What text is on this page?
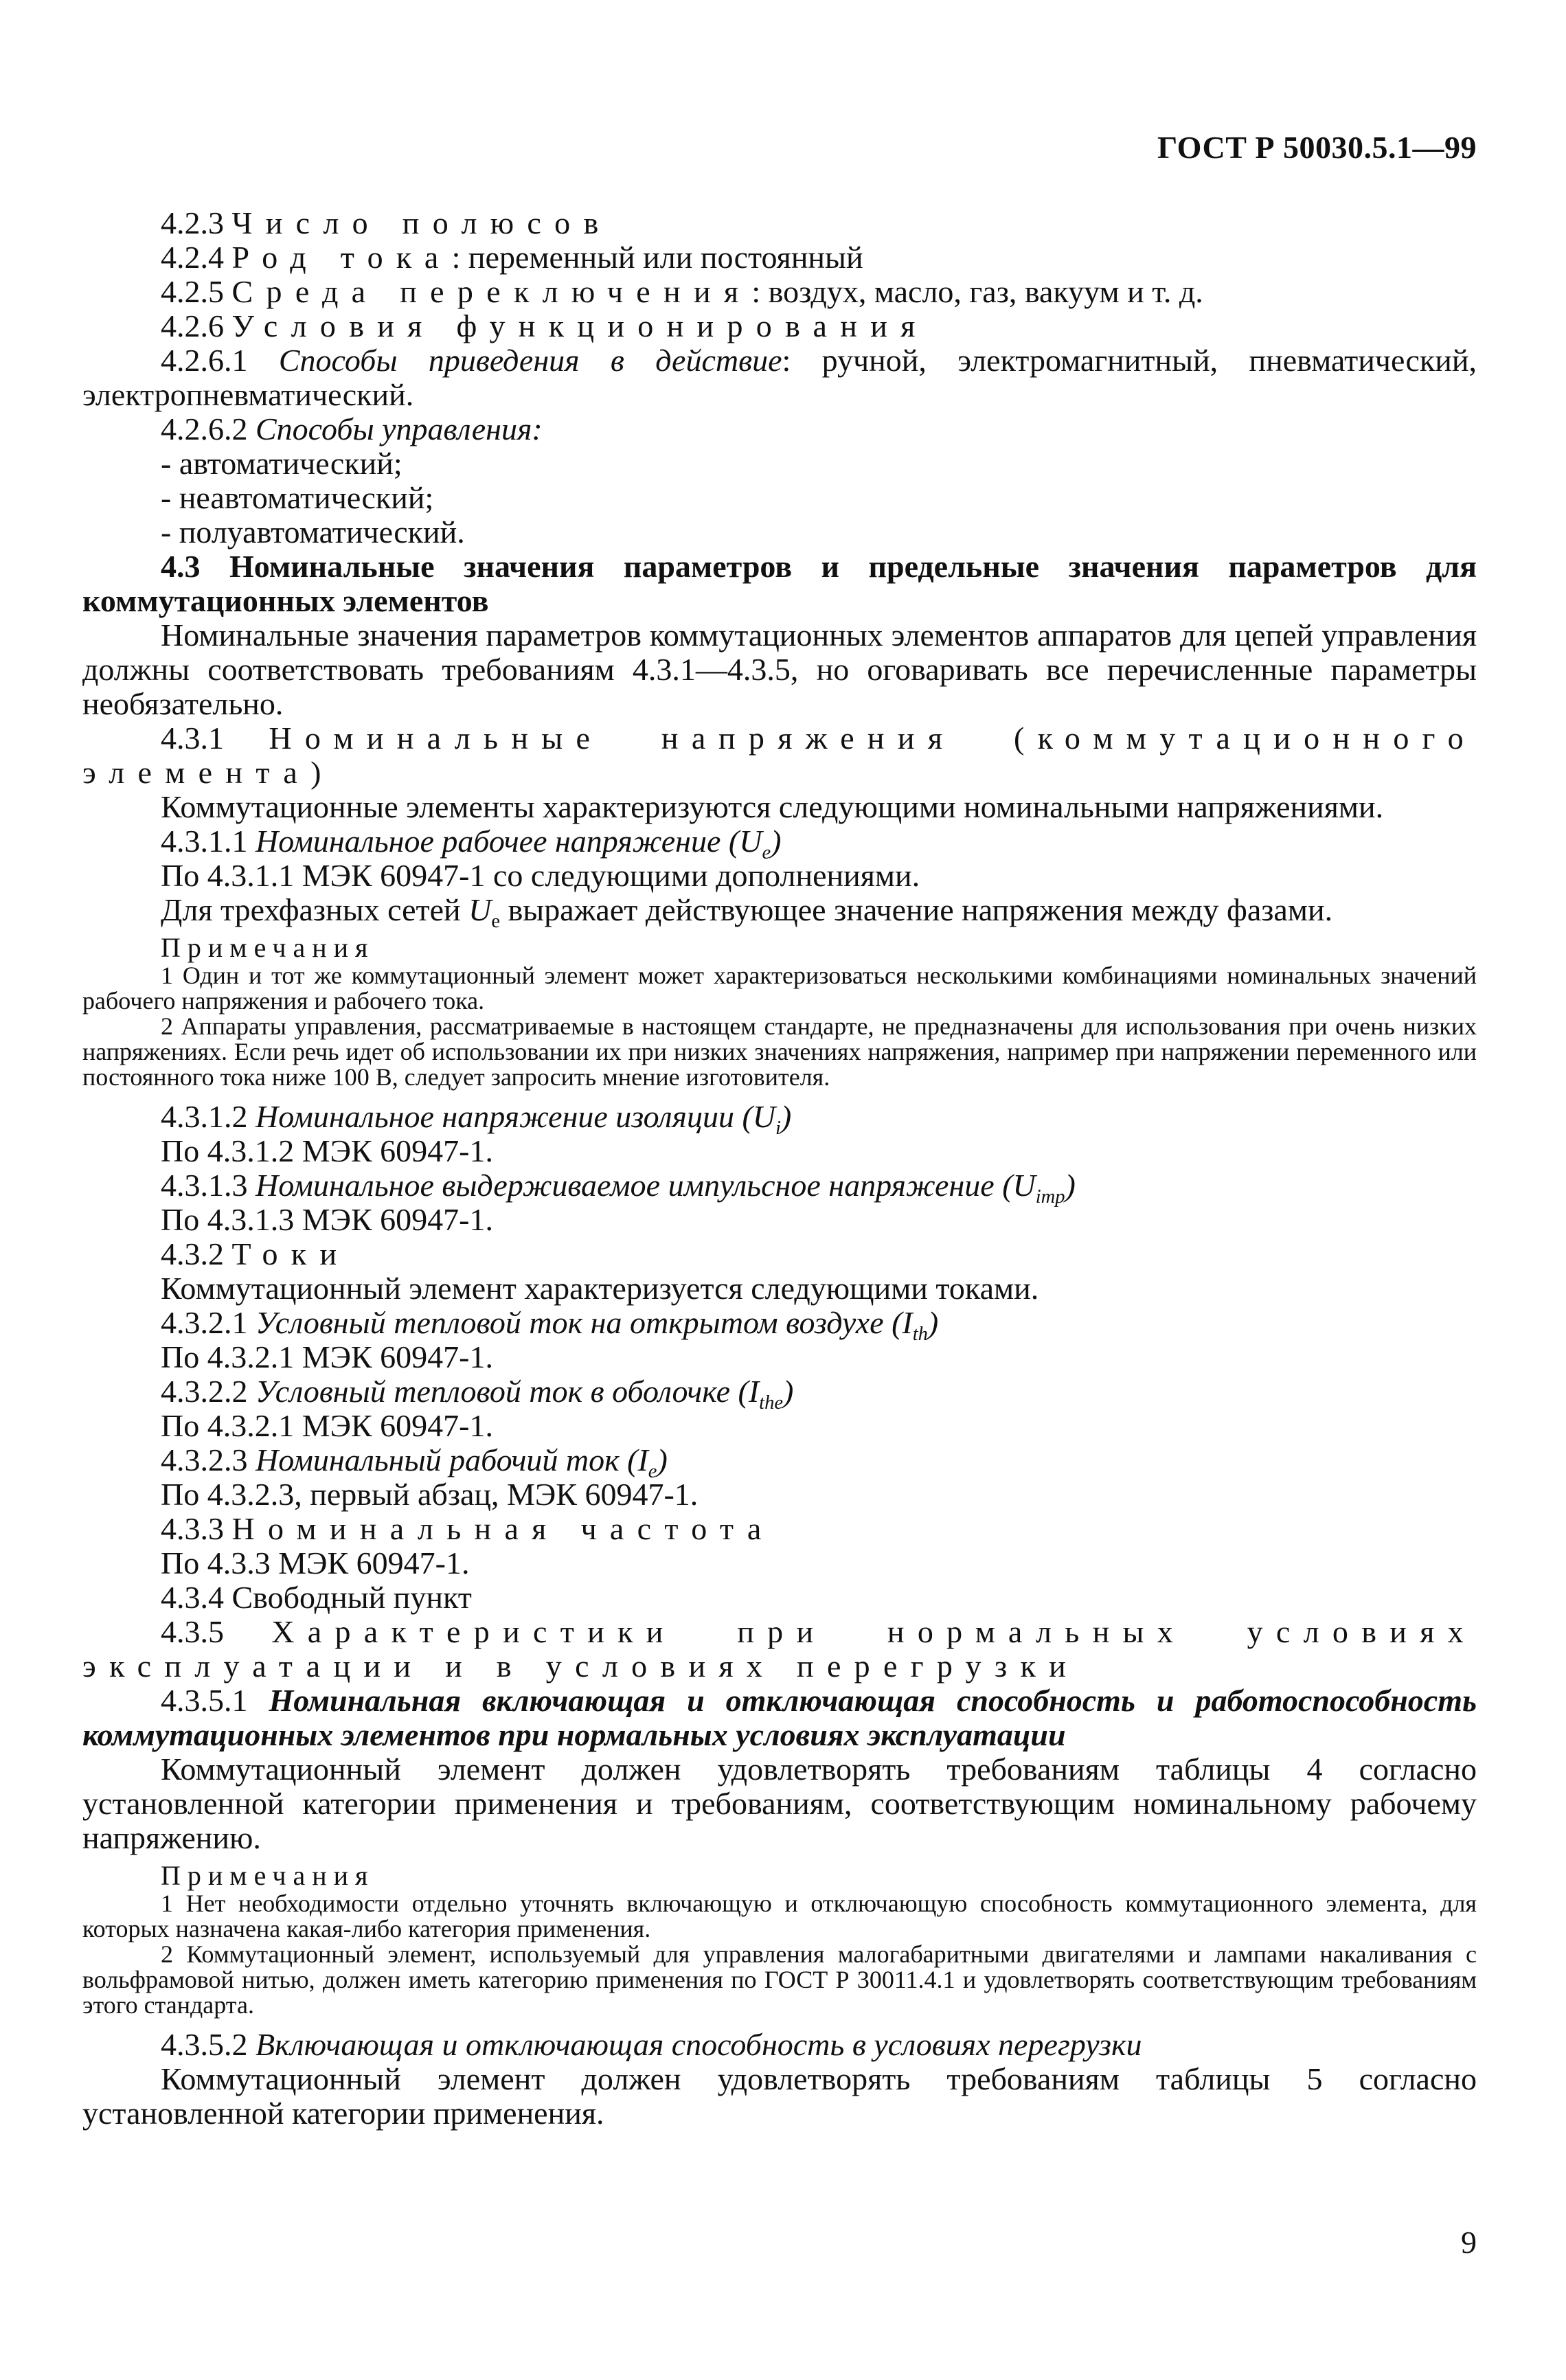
ГОСТ Р 50030.5.1—99

4.2.3 Число полюсов

4.2.4 Род тока: переменный или постоянный

4.2.5 Среда переключения: воздух, масло, газ, вакуум и т. д.

4.2.6 Условия функционирования

4.2.6.1 Способы приведения в действие: ручной, электромагнитный, пневматический, электропневматический.

4.2.6.2 Способы управления:

- автоматический;

- неавтоматический;

- полуавтоматический.

4.3 Номинальные значения параметров и предельные значения параметров для коммутационных элементов

Номинальные значения параметров коммутационных элементов аппаратов для цепей управления должны соответствовать требованиям 4.3.1—4.3.5, но оговаривать все перечисленные параметры необязательно.

4.3.1 Номинальные напряжения (коммутационного элемента)

Коммутационные элементы характеризуются следующими номинальными напряжениями.

4.3.1.1 Номинальное рабочее напряжение $(U_e)$

По 4.3.1.1 МЭК 60947-1 со следующими дополнениями.

Для трехфазных сетей $U_e$ выражает действующее значение напряжения между фазами.

Примечания

1 Один и тот же коммутационный элемент может характеризоваться несколькими комбинациями номинальных значений рабочего напряжения и рабочего тока.

2 Аппараты управления, рассматриваемые в настоящем стандарте, не предназначены для использования при очень низких напряжениях. Если речь идет об использовании их при низких значениях напряжения, например при напряжении переменного или постоянного тока ниже 100 В, следует запросить мнение изготовителя.

4.3.1.2 Номинальное напряжение изоляции $(U_i)$

По 4.3.1.2 МЭК 60947-1.

4.3.1.3 Номинальное выдерживаемое импульсное напряжение $(U_{imp})$

По 4.3.1.3 МЭК 60947-1.

4.3.2 Токи

Коммутационный элемент характеризуется следующими токами.

4.3.2.1 Условный тепловой ток на открытом воздухе $(I_{th})$

По 4.3.2.1 МЭК 60947-1.

4.3.2.2 Условный тепловой ток в оболочке $(I_{the})$

По 4.3.2.1 МЭК 60947-1.

4.3.2.3 Номинальный рабочий ток $(I_e)$

По 4.3.2.3, первый абзац, МЭК 60947-1.

4.3.3 Номинальная частота

По 4.3.3 МЭК 60947-1.

4.3.4 Свободный пункт

4.3.5 Характеристики при нормальных условиях эксплуатации и в условиях перегрузки

4.3.5.1 Номинальная включающая и отключающая способность и работоспособность коммутационных элементов при нормальных условиях эксплуатации

Коммутационный элемент должен удовлетворять требованиям таблицы 4 согласно установленной категории применения и требованиям, соответствующим номинальному рабочему напряжению.

Примечания

1 Нет необходимости отдельно уточнять включающую и отключающую способность коммутационного элемента, для которых назначена какая-либо категория применения.

2 Коммутационный элемент, используемый для управления малогабаритными двигателями и лампами накаливания с вольфрамовой нитью, должен иметь категорию применения по ГОСТ Р 30011.4.1 и удовлетворять соответствующим требованиям этого стандарта.

4.3.5.2 Включающая и отключающая способность в условиях перегрузки

Коммутационный элемент должен удовлетворять требованиям таблицы 5 согласно установленной категории применения.

9
